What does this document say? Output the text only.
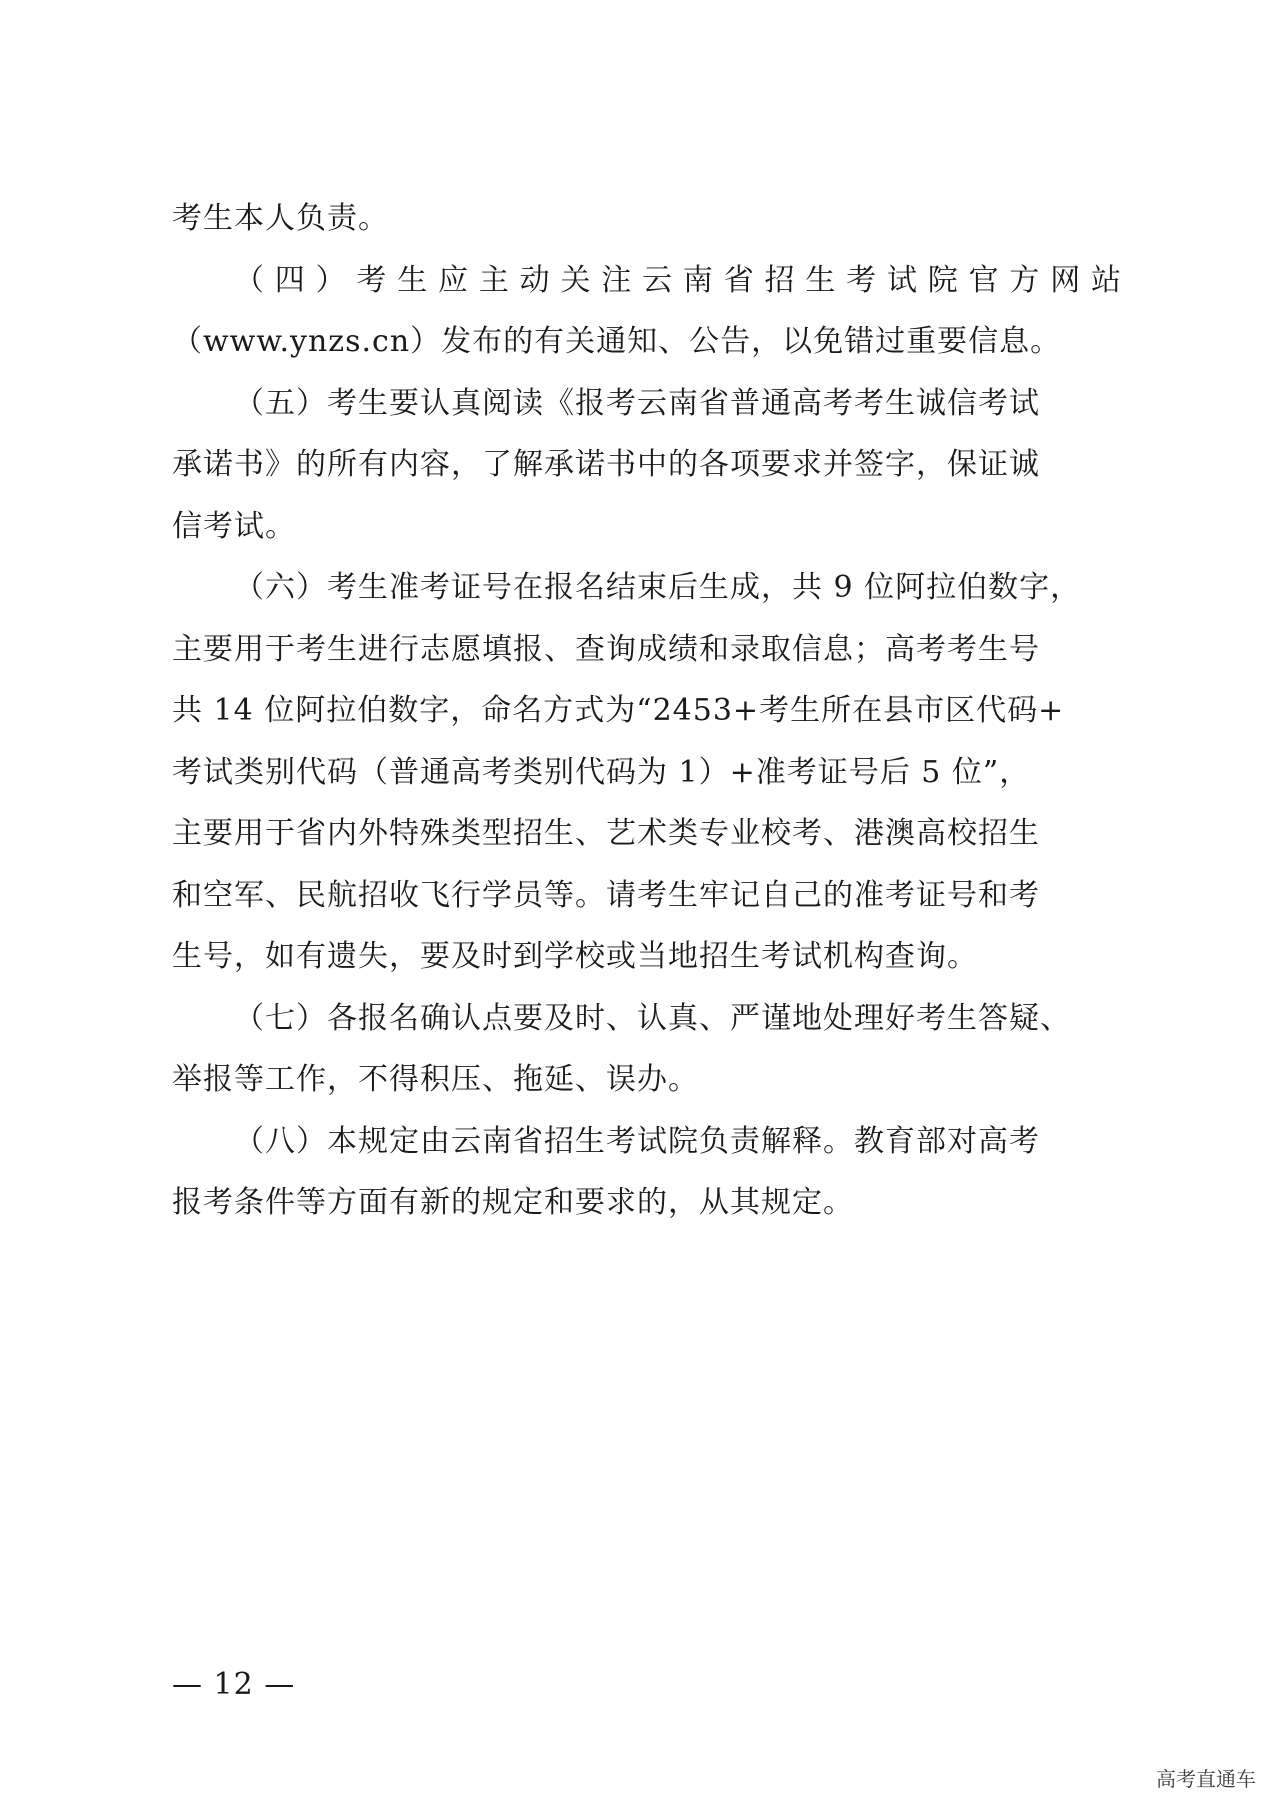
考生本人负责。
（四）考生应主动关注云南省招生考试院官方网站
（www.ynzs.cn）发布的有关通知、公告，以免错过重要信息。
（五）考生要认真阅读《报考云南省普通高考考生诚信考试
承诺书》的所有内容，了解承诺书中的各项要求并签字，保证诚
信考试。
（六）考生准考证号在报名结束后生成，共 9 位阿拉伯数字，
主要用于考生进行志愿填报、查询成绩和录取信息；高考考生号
共 14 位阿拉伯数字，命名方式为“2453+考生所在县市区代码+
考试类别代码（普通高考类别代码为 1）+准考证号后 5 位”，
主要用于省内外特殊类型招生、艺术类专业校考、港澳高校招生
和空军、民航招收飞行学员等。请考生牢记自己的准考证号和考
生号，如有遗失，要及时到学校或当地招生考试机构查询。
（七）各报名确认点要及时、认真、严谨地处理好考生答疑、
举报等工作，不得积压、拖延、误办。
（八）本规定由云南省招生考试院负责解释。教育部对高考
报考条件等方面有新的规定和要求的，从其规定。
— 12 —
高考直通车
